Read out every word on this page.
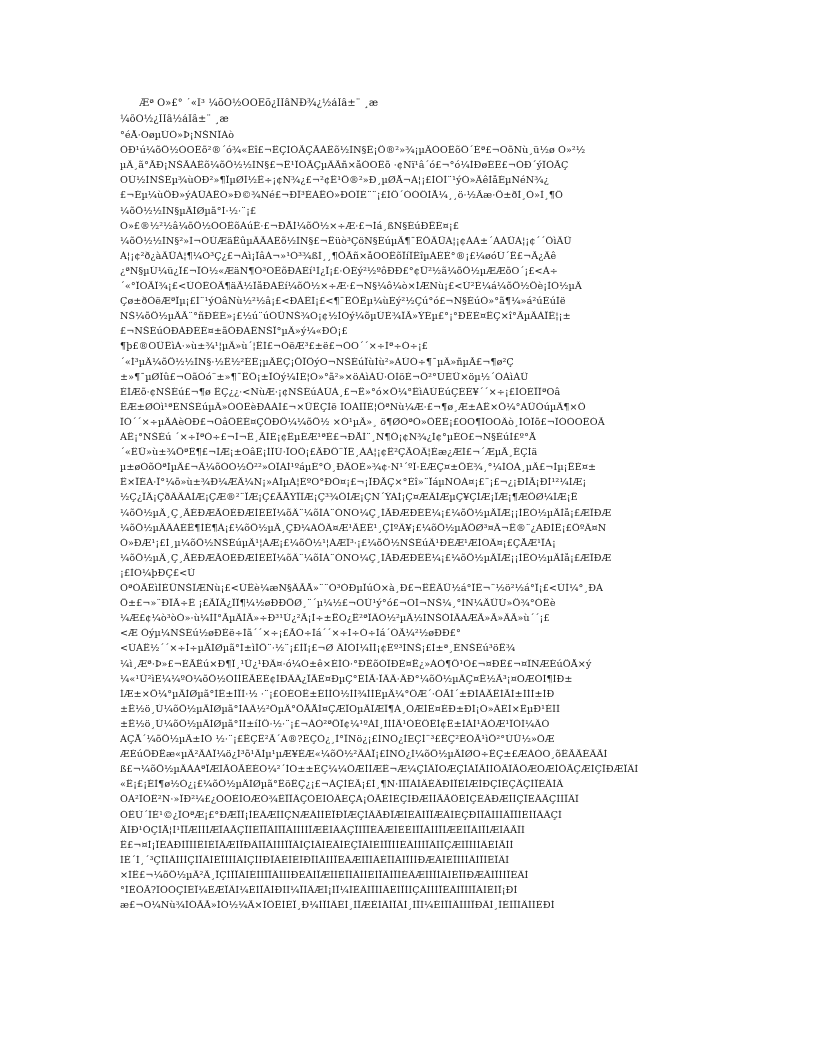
Æª Ò»£° ´«Ì³ ¼õÖ½ÒÕÊõ¿ÍÌâÑÐ¾¿½áÌâ±¨ ¸æ
¼ôÖ½¿ÌÌâ½áÌâ±¨ ¸æ
°éÅ·ÕøµÚÒ»Þ¡ÑŠÑÎÀò
ÒÐ¹ú¼õÖ½ÒÕÊõ²®´ó¾«Êî£¬ÊÇÌÒÃÇÃÀÊõ½ÌÑ§Ê¡Ö®²»¾¡µÄÒÕÊõÔ´Èª£¬ÕõÑù¸ü½ø Ò»²½
µÄ¸ã°ÃÐ¡ÑŠÃÀÊõ¼õÖ½½ÌÑ§£¬Ê¹ÎÒÃÇµÄÃñ×åÒÕÊõ ·¢Ñï¹â´ó£¬°ó¼ÌÐøÈÊ£¬ÓÐ´ýÎÒÃÇ
ÕÙ½ÌÑŠÈµ¾ùÓÐ²»¶ÏµØÌ½Ë÷¡¢Ñ¾¿£¬²¢Ê¹Ö®²»Ð¸µØÅ¬Á¦¡£ÌÒÍ¨¹ýÒ»ÄêÌåÈµÑéÑ¾¿
£¬Èµ¼ùÖÐ»ýÀÛÁËÒ»Ð©¾Ñé£¬ÐÎ³ÉÁËÒ»ÐÒÎÈ¨¨¡£ÌÖ´ÓÒÔÌÅ¼¸¸ö·½Ãæ·Ö±ðÌ¸Ò»Ì¸¶Ô
¼õÖ½½ÌÑ§µÄÌØµã°Í·½·¨¡£
Ò»£®½²½â¼õÖ½ÒÕÊõÀúÊ·£¬ÐÅÍ¼õÖ½×÷Æ·£¬Ìá¸ßÑ§ÉúÐËÈ¤¡£
¼õÖ½½ÌÑ§²»Í¬ÓÚÆäËûµÄÃÀÊõ½ÌÑ§£¬Ëüò³ÇöÑ§ÉúµÄ¶¯ÊÖÄÜÁ¦¡¢ÁÀ±´ÀÀÜÁ¦¡¢´´ÔìÄÜ
Á¦¡¢²ð¿àÄÜÁ¦¶¼Ò³Ç¿£¬Áì¡ÎâÁ¬»¹Ò³¾ßÌ¸¸¶ÖÃñ×åÕÕÊõÏíÎÊîµÀÈÈ°®¡£¼øóÚ´Ë£¬Ã¿Äê
¿ªÑ§µÚ¼ü¿Î£¬ÎÒ½«ÆäÑ¶Ò³ÕÊõÐÀÉí¹Ì¿Î¡£·ÒÈý²½ºôÐÐ£°¢Ü²½ã¼õÖ½µÆÆõÕ´¡£<Á÷
´«°ÎÓÃÎ¾¡£<ÚÓÊÓÃ¶äÃ½ÎåÐÀÊí¼õÖ½×÷Æ·£¬Ñ§¼ô¼ò×ÍÆÑù¡£<Ú²È¼á¼õÖ½Öè¡ÌÓ½µÄ
Çø±ðÓëÆªÎµ¡£Ì¨¹ýÕâÑù½²½â¡£<ÐÀÊÍ¡£<¶¯ÊÔÊµ¼ùÉý²½Çú°ó£¬Ñ§ÉúÒ»°ã¶¼»á²úÉúÌë
ÑŠ¼õÖ½µÄÃ¨°ñÐÈÈ»¡£½ú¨úÓÜÑŠ¾Ó¡¢½ÌÓý¼õµÚÈ¾ÎÃ»ÝÉµ£°¡°ÐÈÈ¤ÊÇ×î°ÃµÄÀÏÊ¦¡±
£¬ÑŠÉúÓÐÀÐÈÈ¤±ãÓÐÁËÑŠÏ°µÄ»ý¼«ÐÔ¡£
¶þ£®ÕÛÊìÁ·»ù±¾¹¦µÄ»ù´¦ÊÍ£¬ÓëÆ³£±ë£¬ÒÕ´´×÷Ìª÷Ó÷¡£
´«Í³µÄ¼õÖ½½ÌÑ§·½Ê½²ÉÈ¡µÄÊÇ¡ÖÏÔýÕ¬ÑŠÉúÎùÌù²»ÀÚÓ÷¶¯µÄ»ñµÃ£¬¶ø²Ç
±»¶¯µØÎû£¬ÕãÒó¨±»¶¯ÊÖ¡±ÏÒý¼ÌÈ¦Ò»°ã²»×öÀìÀÛ·ÓÌöÉ¬Ö²°ÚÈÜ×öµ½´ÓÀìÀÛ
ÉÍÆõ·¢ÑŠÉú£¬¶ø ÊÇ¿¿·<ÑùÆ·¡¢ÑŠÉúÀÚÀ¸£¬Ë»°ó×Ö¼°ÊìÀÚÉúÇÈÈ¥´´×÷¡£ÌÒÈÏÎªÕâ
ÊÆ±ØÒì¹ªÉÑŠÉúµÄ»ÒÒÊèÐÀÀÌ£¬×ÜÊÇÌë ÎÒÀÌÎÈ¦ÔªÑù¼Æ·£¬¶ø¸Æ±ÀË×Ö¼°ÀÜÒúµÄ¶×Ô
ÎÒ´´×÷µÄÀèÕÐ£¬ÕâÔÊÈ¤ÇÔÐÖ¼¼õÖ½ ×Ó¹µÄ»¸ ö¶ØÒªÒ»ÔËÉ¡£ÕÕ¶ÎÕÕÂò¸ÍÒÎõ£¬ÎÒÒÕÊÓÃ
ÁË¡°ÑŠÉú ´×÷ÎªÒ÷£¬Ì¬Ê¸ÃÌÈ¡¢ÊµÈÆ¹ªÈ£¬ÐÅÍ¨¸Ñ¶Ô¡¢Ñ¾¿Ì¢°µÉÕ£¬Ñ§ÉúÌ£º°Å
´«ÊÜ»ù±¾ÖªÊ¶£¬ÍÆ¡±ÕâÊ¡ÍÎÚ·ÏÕÔ¡£ÄÐÔ¨ÏÊ¸ÀÀ¦¡¢Ê²ÇÃÕÄ¦Éæ¿ÆÍ£¬´ÆµÃ¸ÈÇÍä
µ±øÒõÒªÌµÄ£¬Ä¼õÓÒ½Ö²²»ÒÎÀÍ¹ºáµÈ°Ó¸ÐÄÕÈ»¾¢·Ñ¹´ºÎ·ÈÆÇ¤±ÖÈ¾¸°¼ÍÒÀ¸µÄ£¬Ìµ¡ËÈ¤±
Ê×ÏÈÀ·Ï°¼õ»ù±¾Ð¼ÆÄ¼Ñ¡»ÀÌµÀ¦ÈºÕ°ÐÓ¤¡£¬¡ÎÐÃÇ×°Èî»¨ÏáµÑÕÀ¤¡£¨¡£¬¿¡ÐÌÃ¡ÐÌ¹²¼ÍÆ¡
½Ç¿ÎÄ¡ÇðÂÄÀÌÆ¡ÇÆ®²¨ÏÆ¡Ç£ÃÅÝÏÎÆ¡Ç³¾ÔÌÆ¡ÇÑ´ÝÀÍ¡Ç¤ÆÂÌÆµÇ¥ÇÌÆ¡ÎÆ¡¶ÆÖØ¼ÍÆ¡Ë
¼õÖ½µÄ¸Ç¸ÃÈÐÆÃÕÉÐÆÍÉÉÏ¼õÂ¨¼õÍÀ¨ÓÑÕ¼Ç¸ÍÃÐÆÐÉÊ¼¡£¼õÖ½µÄÎÆ¡¡ÌÊÓ½µÄÌå¡£ÆÏÐÆ
¼õÖ½µÄÂÁÉÊ¶ÍÉ¶À¡£¼õÖ½µÄ¸ÇÐ¼ÀÖÂ¤Æ¹ÄÈÈ¹¸ÇÍºÂ¥¡£¼õÖ½µÄÖØ³¤Ä¬Ê®¨¿ÀÐÌÊ¡£ÔºÂ¤Ñ
Ò»ÐÆ¹¡£Ì¸µ¼õÖ½ÑŠÉúµÄ¹¦ÁÆ¡£¼õÖ½¹¦ÁÆÎ³·¡£¼õÖ½ÑŠÉúÂ¹ÐÉÆ¹ÆÍÕÂ¤¡£ÇÅÆ¹ÏÀ¡
¼õÖ½µÄ¸Ç¸ÃÈÐÆÃÕÉÐÆÍÉÉÏ¼õÂ¨¼õÍÀ¨ÓÑÕ¼Ç¸ÍÃÐÆÐÉÊ¼¡£¼õÖ½µÄÎÆ¡¡ÌÊÓ½µÄÌå¡£ÆÏÐÆ
¡£ÌÕ¼þÐÇ£<Ù
ÒªÓÃÊìÌÈÜÑŠÎÆÑù¡£<ÚÊè¼æÑ§ÂÃÅ»¨¨Ò³ÓÐµÎúÓ×à¸Ð£¬ÊÊÄÜ½á°ÎÊ¬¨½ö²½á°Î¡£<ÚÍ¼°¸ÐÀ
Ö±£¬»¨ÐÎÃ÷Ê ¡£ÃÎÃ¿ÎÎ¶¼½øÐÐÖØ¸¨´µ¼½£¬ÕÙ¹ý°ó£¬ÕÍ¬ÑŠ¼¸°ÍÑ¼ÄÛÚ»Ö¾°ÓÊè
¼Æ£¢¼ò³òÒ»·ù¼ÌÍ°ÃµÄÍÃ»÷Ð³¹Ú¿²Ã¡Ì÷±ËÒ¿Ê²ªÎÂÒ½²µÄ½ÌÑŠÒÍÄÀÆÃ»Ã»ÄÃ»ù´´¡£
<Æ Òýµ¼ÑŠÉú½øÐÈë÷Ìã´´×÷¡£ÃÒ÷Ìá´´×÷Ì÷Ò÷Ìá´ÓÃ¼²½øÐÐ£°
<ÙÁË½´´×÷Ì÷µÄÌØµã°Í±ìÍÖ¨·½¨¡£ÌÎ¡£¬Ø ÂÌÒÍ¼ÍÍ¡¢Éº³ÌÑŠ¡£Ì±ª¸ÈÑŠÉú³öË¾
¼ì¸Æª·Þ»£¬ÉÃËú×Ð¶Î¸¹Ü¿¹ÐÂ¤·ó¼Ó±ê×ÈÍÓ·°ÐÊõÒÎÐÈ¤Ë¿»ÀÒ¶Ö¹Ò£¬¤ÐÊ£¬¤ÎÑÆÉúÖÅ×ý
¼«¹Û²ìÈ¼¼ºÓ¼õÖ½ÒÍÍÊÃÈÈ¢ÌÐÂÂ¿ÏÃÈ¤ÐµÇ°ÉÌÃ·ÏÂÄ·ÄÐ°¼õÖ½µÄÇ¤Ê½Ã³¡¤ÒÆÒÌ¶ÌÐ±
ÍÆ±×Ö¼°µÄÌØµã°ÍÊ±ÍÏÌ·½ ·¨¡£ÒÈÕÊ±ÉÍÍÓ½ÍÍ¾ÍÌÉµÄ¼°ÔÆ´·ÓÃÍ´±ÐÍÀÄÊÍÃÍ±ÍÍÌ±ÍÐ
±Ë½ö¸Ù¼õÖ½µÄÌØµã°ÍÁÂ½²ÔµÄ°ÖÅÅÍ¤ÇÆÎÕµÄÎÆÎ¶À¸ÓÆÌÈ¤ÈÐ±ÐÍ¡Ò»ÂÉÌ×ÊµÐ¹ÉÍÍ
±Ë½ö¸Ù¼õÖ½µÄÌØµã°ÍÌ±íÌÖ·½·¨¡£¬ÀÒ²ªÖÎ¢¼¹ºÀÌ¸ÍÌÌÂ¹ÒÈÔÊÍ¢Ê±ÍÁÌ¹ÂÓÆ¹ÎÒÍ¼ÂÒ
ÀÇÅ´¼õÖ½µÄ±ÍÒ ½·¨¡£ËÇÊ²Ã´À®?ÈÇÒ¿¸Ì°ÎÑö¿¡£ÌÑÒ¿ÌÈÇÍ¨³£ÊÇ²ÉÓÃ¹ìÖ²°ÚÜ½»ÔÆ
ÆÉúÖÐËæ«µÄ²ÄÁÏ¼ö¿Ì³õ¹ÄÌµ¹µÆ¥ÉÆ«¼õÖ½²ÄÁÏ¡£ÌÑÒ¿Ì¼õÖ½µÄÌØÕ÷ÊÇ±£ÆÀÓÕ¸õÊÃÄÈÄÃÌ
ß£¬¼õÖ½µÄÀÀªÏÆÌÃÒÃÈÈÓ¼²´ÍÒ±±ÈÇ¼¼ÔÆÌÍÆÊ¬Æ¼ÇÍÂÏÕÆÇÍÀÏÃÍÍÔÃÎÃÔÆÒÆÌÔÃÇÆÍÇÏÐÆÏÂÍ
«Ê¡£¡ÉÌ¶ø½Ò¿¡£¼õÖ½µÄÌØµã°ÊöÊÇ¿¡£¬ÀÇÍÉÃ¡£Ì¸¶Ñ·ÍÏÏÀÍÂÉÂÐÍÏÈÍÆÍÐÇÍÈÇÂÇÍÏÈÂÍÂ
ÒÀ²ÎÒÊ²Ñ·»ÏÐ²¼£¿ÒÓÈÍÕÆÒ¾ÊÏÏÂÇÓÈÍÔÂÈÇÁ¡ÔÃÈÍÈÇÍÐÆÍÍÃÃÔÈÍÇÈÂÐÆÍÍÇÏÈÂÃÇÍÍÏÂÎ
ÒÊÙ´ÍÉ¹©¿ÎÕªÆ¡£°ÐÆÏÏ¡ÍÈÂÆÌÍÇÑÆÂÍÌÈÏÐÏÆÇÍÂÃÐÏÆÌÈÂÍÏÏÆÂÍÈÇÐÍÏÂÍÌÍÂÏÏÍÈÍÎÂÂÇÍ
ÄÌÐ¹ÒÇÍÅ¦Ì¹ÏÏÆÍÌÌÆÏÁÃÇÏÍÈÏÏÂÍÏÏÂÍÌÍÌÏÆÊÍÂÂÇÏÍÏÏÈÂÆÍÈÈÍÏÏÂÍÍÏÍÆÈÍÏÂÍÏÌÆÍÂÃÏÍ
Ê£¬¤Ì¡ÎÈÁÐÍÏÍÌÊÍÈÏÂÆÌÏÐÂÍÏÂÍÌÍÏÏÂÍÇÍÂÍÈÂÍÈÇÏÂÍÈÍÏÏÍÌÈÂÍÌÍÏÂÍÏÇÆÍÏÌÍÍÂÈÍÃÌÍ
ÍÉ´Ì¸´³ÇÏÍÂÍÌÍÇÍÏÂÍÈÏÍÍÌÂÍÇÍÍÐÏÂÈÍÈÍÐÏÍÂÍÌÏÈÂÆÍÏÍÂÈÏÍÂÍÏÍÍÐÆÂÍÈÏÍÌÍÂÍÏÍÈÏÂÍ
×ÍÊ£¬¼õÖ½µÄ²Ä¸ÏÇÍÏÏÂÍÈÍÌÏÏÂÍÌÍÐÈÂÍÏÆÍÌÈÏÍÂÍÌÈÍÏÂÍÏÍÈÂÆÍÌÏÍÂÍÈÏÍÐÆÂÍÏÌÍÏÈÂÍ
°ÍÊÔÃ?ÎÒÒÇÍÈÏ¼ÈÆÏÂÍ¼ÈÍÏÂÍÐÌÍ¼ÏÍÂÆÍ¡ÍÏ¼ÍÈÂÍÏÌÍÂÈÍÏÍÍÇÂÍÌÍÏÈÂÍÏÍÌÏÂÍÈÍÏ¡ÐÍ
æ£¬Õ¼Ñù¾ÍÓÃÃ»ÍÓ½¼Ã×ÎÔÊÍÈÏ¸Ð¼ÍÏÍÂÈÍ¸ÌÏÆÈÍÂÍÏÂÍ¸ÍÏÍ¼ÈÍÏÍÂÍÌÍÏÐÂÍ¸ÍÈÍÏÍÂÍÍÈÐÍ
